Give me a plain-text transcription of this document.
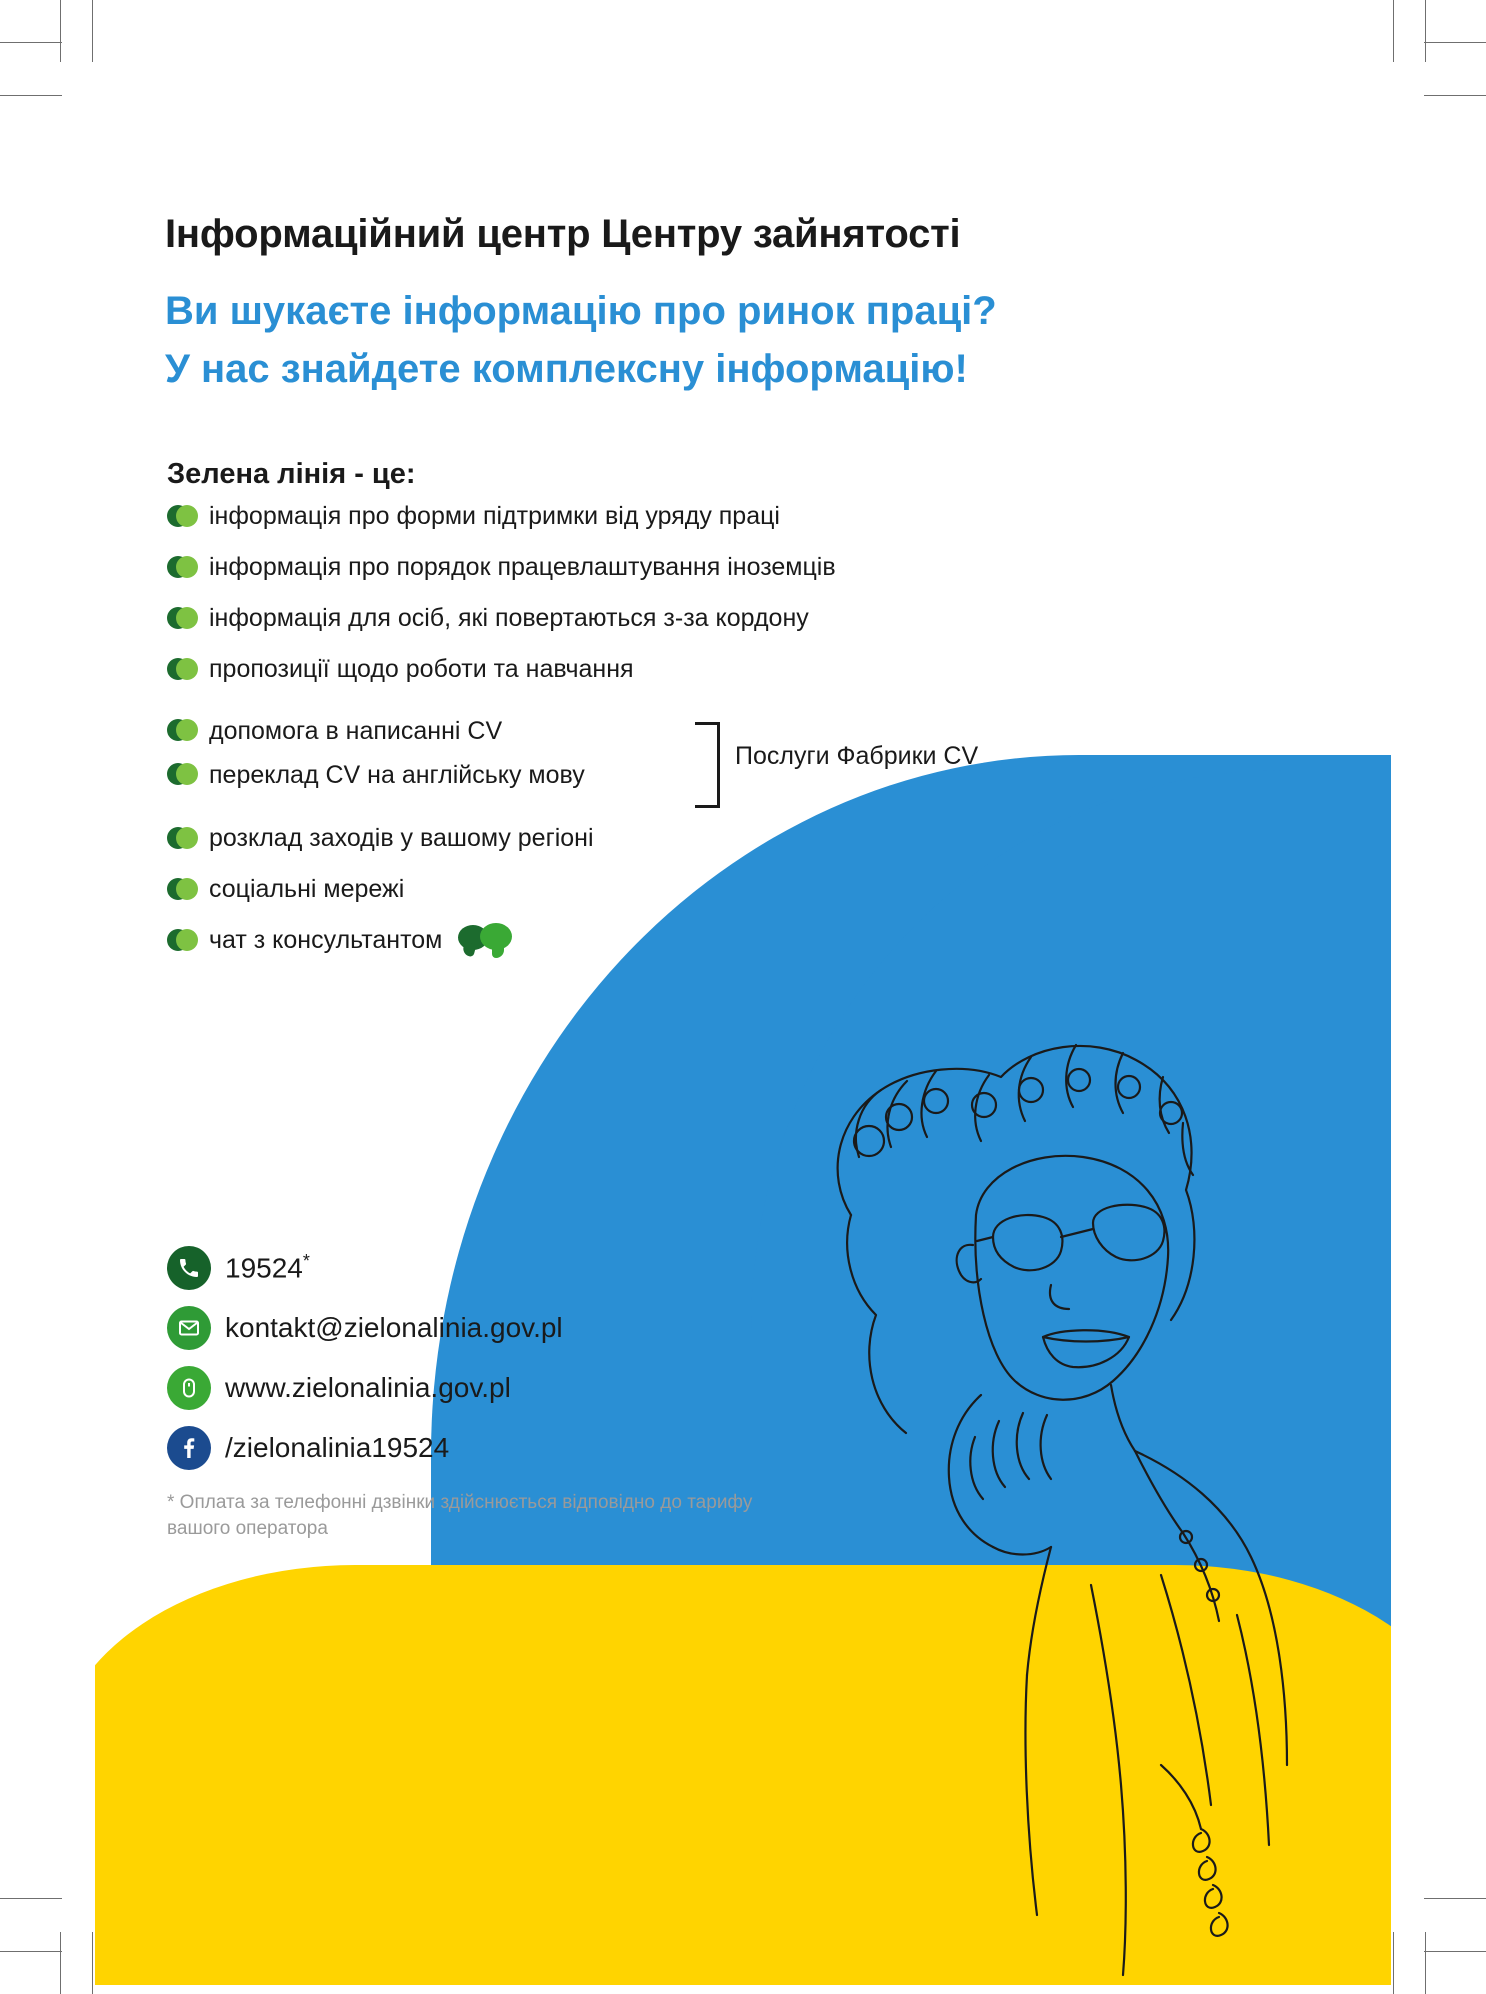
Інформаційний центр Центру зайнятості
Ви шукаєте інформацію про ринок праці?
У нас знайдете комплексну інформацію!
Зелена лінія - це:
інформація про форми підтримки від уряду праці
інформація про порядок працевлаштування іноземців
інформація для осіб, які повертаються з-за кордону
пропозиції щодо роботи та навчання
допомога в написанні CV
переклад CV на англійську мову
розклад заходів у вашому регіоні
соціальні мережі
чат з консультантом
Послуги Фабрики CV
19524*
kontakt@zielonalinia.gov.pl
www.zielonalinia.gov.pl
/zielonalinia19524
* Оплата за телефонні дзвінки здійснюється відповідно до тарифу вашого оператора
